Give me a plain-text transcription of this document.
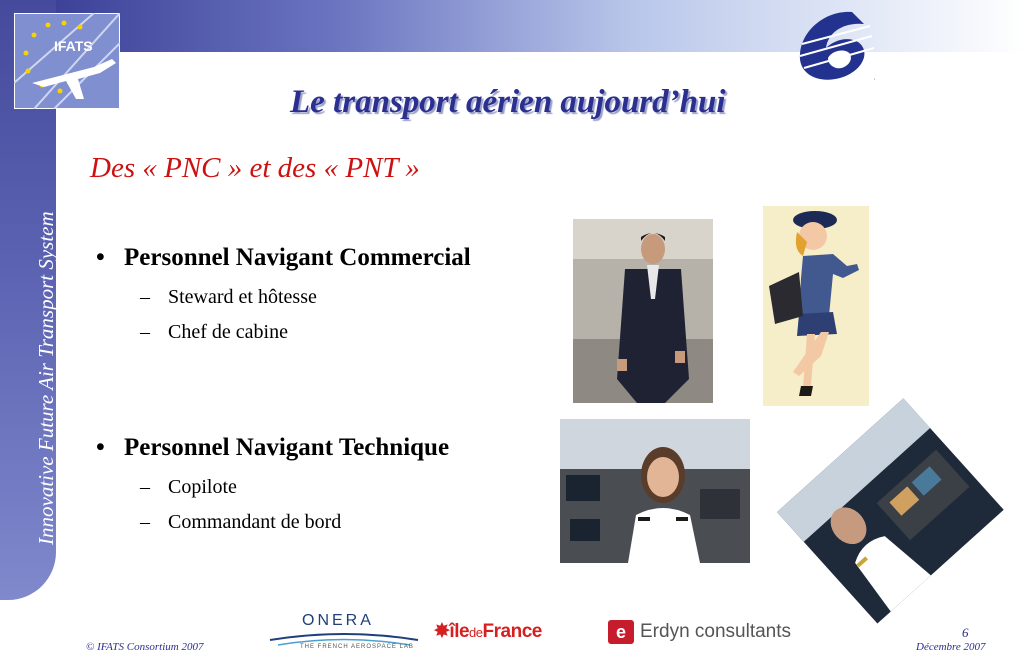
Innovative Future Air Transport System
IFATS
6
Le transport aérien aujourd’hui
Des « PNC » et des « PNT »
• Personnel Navigant Commercial
– Steward et hôtesse
– Chef de cabine
• Personnel Navigant Technique
– Copilote
– Commandant de bord
© IFATS Consortium 2007
6
Décembre 2007
ONERA
THE FRENCH AEROSPACE LAB
✸îledeFrance	e Erdyn consultants
